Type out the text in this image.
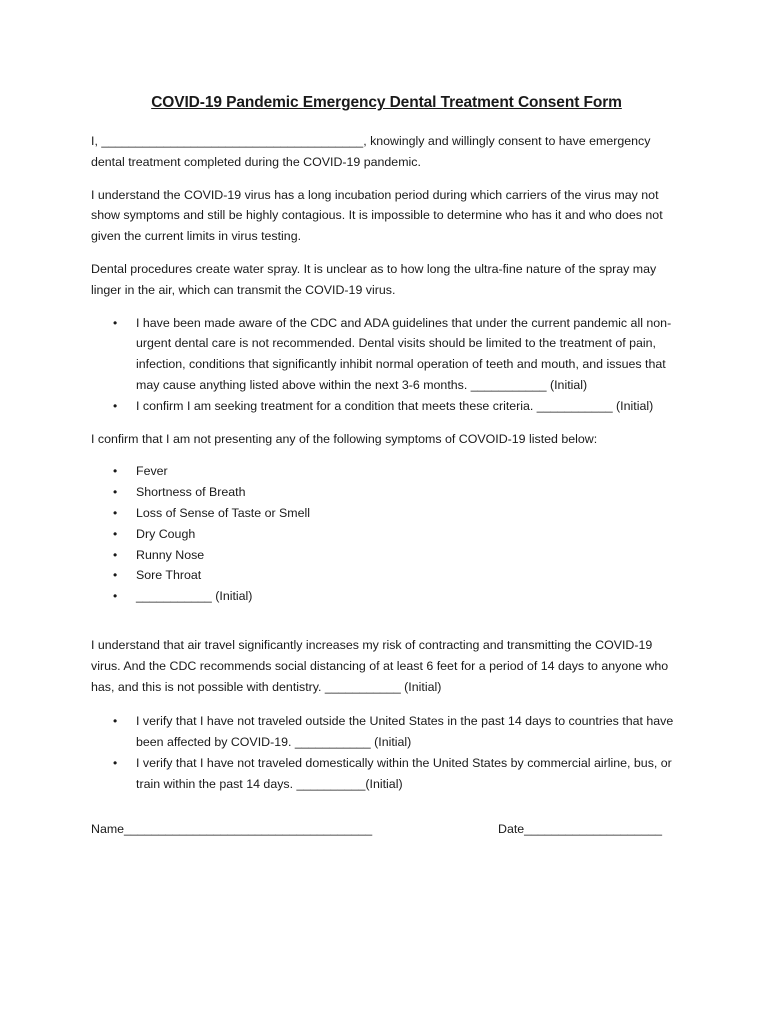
COVID-19 Pandemic Emergency Dental Treatment Consent Form

I, ______________________________________, knowingly and willingly consent to have emergency dental treatment completed during the COVID-19 pandemic.

I understand the COVID-19 virus has a long incubation period during which carriers of the virus may not show symptoms and still be highly contagious. It is impossible to determine who has it and who does not given the current limits in virus testing.

Dental procedures create water spray. It is unclear as to how long the ultra-fine nature of the spray may linger in the air, which can transmit the COVID-19 virus.

• I have been made aware of the CDC and ADA guidelines that under the current pandemic all non-urgent dental care is not recommended. Dental visits should be limited to the treatment of pain, infection, conditions that significantly inhibit normal operation of teeth and mouth, and issues that may cause anything listed above within the next 3-6 months. ___________ (Initial)
• I confirm I am seeking treatment for a condition that meets these criteria. ___________ (Initial)

I confirm that I am not presenting any of the following symptoms of COVOID-19 listed below:

• Fever
• Shortness of Breath
• Loss of Sense of Taste or Smell
• Dry Cough
• Runny Nose
• Sore Throat
• ___________ (Initial)

I understand that air travel significantly increases my risk of contracting and transmitting the COVID-19 virus. And the CDC recommends social distancing of at least 6 feet for a period of 14 days to anyone who has, and this is not possible with dentistry. ___________ (Initial)

• I verify that I have not traveled outside the United States in the past 14 days to countries that have been affected by COVID-19. ___________ (Initial)
• I verify that I have not traveled domestically within the United States by commercial airline, bus, or train within the past 14 days. __________(Initial)
Name____________________________________	Date____________________
